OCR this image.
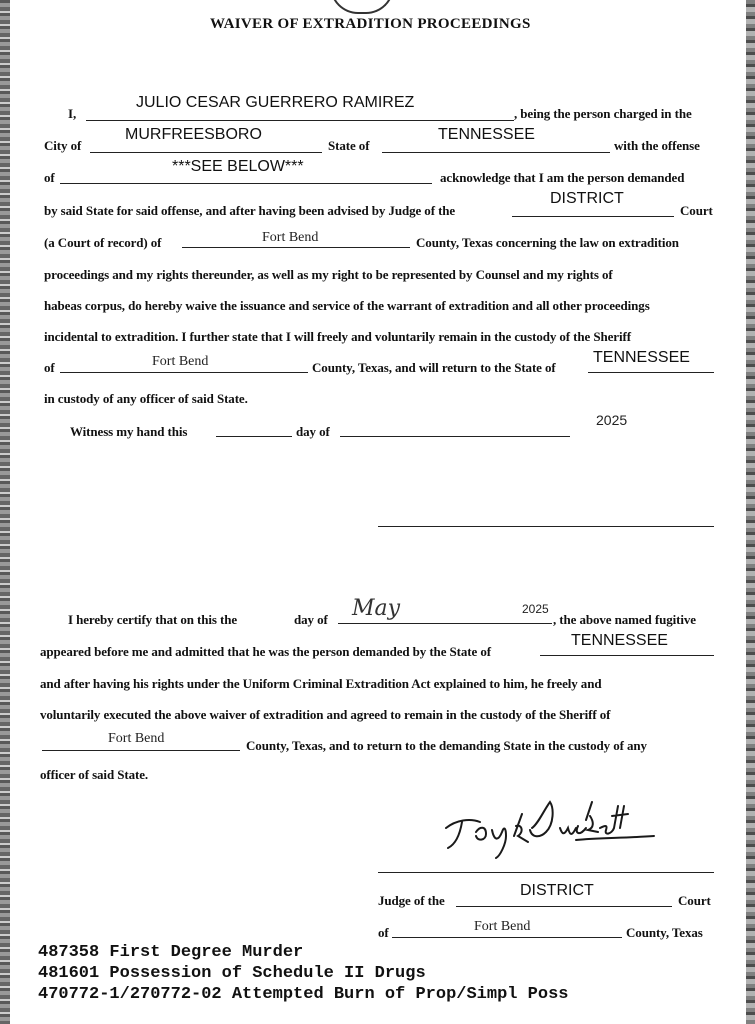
WAIVER OF EXTRADITION PROCEEDINGS
I,
JULIO CESAR GUERRERO RAMIREZ
, being the person charged in the
City of
MURFREESBORO
State of
TENNESSEE
with the offense
of
***SEE BELOW***
acknowledge that I am the person demanded
by said State for said offense, and after having been advised by Judge of the
DISTRICT
Court
(a Court of record) of	Fort Bend	County, Texas concerning the law on extradition
proceedings and my rights thereunder, as well as my right to be represented by Counsel and my rights of
habeas corpus, do hereby waive the issuance and service of the warrant of extradition and all other proceedings
incidental to extradition. I further state that I will freely and voluntarily remain in the custody of the Sheriff
of	Fort Bend	County, Texas, and will return to the State of
TENNESSEE
in custody of any officer of said State.
Witness my hand this	day of
2025
I hereby certify that on this the	day of May	2025
, the above named fugitive
appeared before me and admitted that he was the person demanded by the State of
TENNESSEE
and after having his rights under the Uniform Criminal Extradition Act explained to him, he freely and
voluntarily executed the above waiver of extradition and agreed to remain in the custody of the Sheriff of
Fort Bend	County, Texas, and to return to the demanding State in the custody of any
officer of said State.
Judge of the
DISTRICT
Court
of	Fort Bend	County, Texas
487358 First Degree Murder
481601 Possession of Schedule II Drugs
470772-1/270772-02 Attempted Burn of Prop/Simpl Poss
